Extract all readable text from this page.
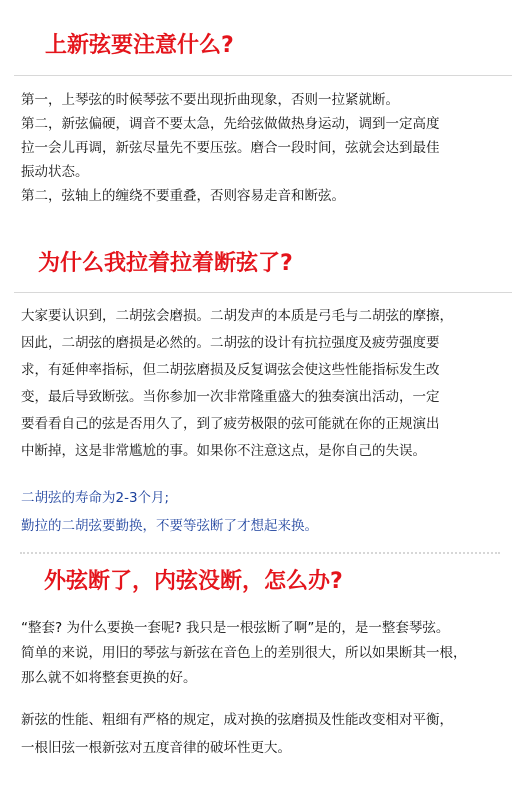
上新弦要注意什么?
第一，上琴弦的时候琴弦不要出现折曲现象，否则一拉紧就断。
第二，新弦偏硬，调音不要太急，先给弦做做热身运动，调到一定高度
拉一会儿再调，新弦尽量先不要压弦。磨合一段时间，弦就会达到最佳
振动状态。
第二，弦轴上的缠绕不要重叠，否则容易走音和断弦。
为什么我拉着拉着断弦了?
大家要认识到，二胡弦会磨损。二胡发声的本质是弓毛与二胡弦的摩擦，
因此，二胡弦的磨损是必然的。二胡弦的设计有抗拉强度及疲劳强度要
求，有延伸率指标，但二胡弦磨损及反复调弦会使这些性能指标发生改
变，最后导致断弦。当你参加一次非常隆重盛大的独奏演出活动，一定
要看看自己的弦是否用久了，到了疲劳极限的弦可能就在你的正规演出
中断掉，这是非常尴尬的事。如果你不注意这点，是你自己的失误。
二胡弦的寿命为2-3个月;
勤拉的二胡弦要勤换，不要等弦断了才想起来换。
外弦断了，内弦没断，怎么办?
“整套? 为什么要换一套呢? 我只是一根弦断了啊”是的，是一整套琴弦。
简单的来说，用旧的琴弦与新弦在音色上的差别很大，所以如果断其一根，
那么就不如将整套更换的好。
新弦的性能、粗细有严格的规定，成对换的弦磨损及性能改变相对平衡，
一根旧弦一根新弦对五度音律的破坏性更大。
